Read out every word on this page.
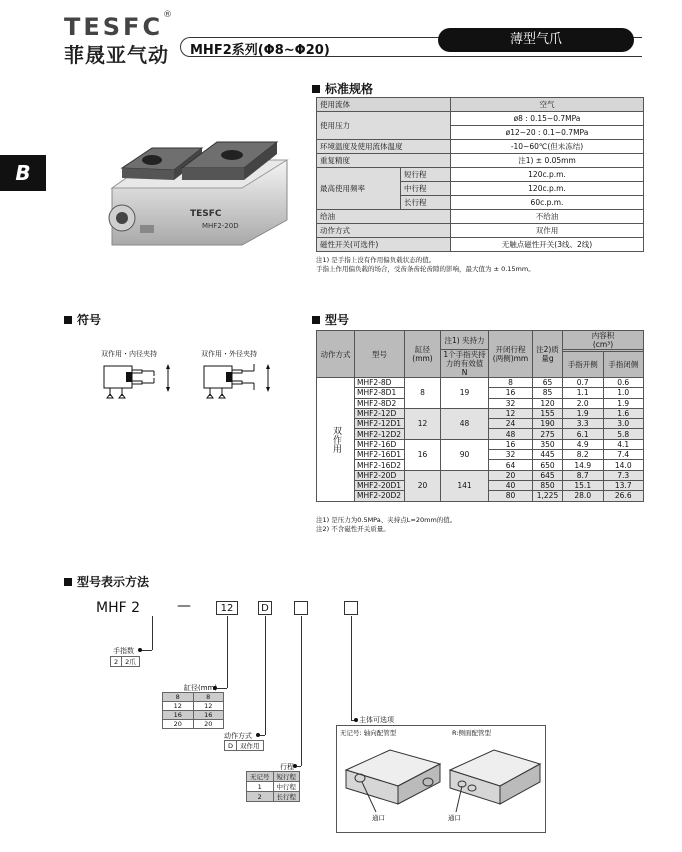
TESFC ®
菲晟亚气动 MHF2系列(Φ8~Φ20)
薄型气爪
B
TESFC
MHF2-20D
标准规格
使用流体		空气
使用压力		ø8 : 0.15~0.7MPa
		ø12~20 : 0.1~0.7MPa
环境温度及使用流体温度		-10~60℃(但未冻结)
重复精度		注1) ± 0.05mm
最高使用频率	短行程	120c.p.m.
	中行程	120c.p.m.
	长行程	60c.p.m.
给油		不给油
动作方式		双作用
磁性开关(可选件)		无触点磁性开关(3线、2线)
注1) 是手指上没有作用偏负载状态的值。
手指上作用偏负载的场合，受齿条齿轮齿隙的影响，最大值为 ± 0.15mm。
符号
双作用・内径夹持	双作用・外径夹持
型号
动作方式	型号	缸径(mm)	注1) 夹持力	开闭行程(两侧)mm	注2)质量g	内容积
(cm³)	
			1个手指夹持力的有效值 N				
						手指开侧	手指闭侧
双作用	MHF2-8D	8	19	8	65	0.7	0.6
	MHF2-8D1			16	85	1.1	1.0
	MHF2-8D2			32	120	2.0	1.9
	MHF2-12D	12	48	12	155	1.9	1.6
	MHF2-12D1			24	190	3.3	3.0
	MHF2-12D2			48	275	6.1	5.8
	MHF2-16D	16	90	16	350	4.9	4.1
	MHF2-16D1			32	445	8.2	7.4
	MHF2-16D2			64	650	14.9	14.0
	MHF2-20D	20	141	20	645	8.7	7.3
	MHF2-20D1			40	850	15.1	13.7
	MHF2-20D2			80	1,225	28.0	26.6
注1) 是压力为0.5MPa、夹持点L=20mm的值。
注2) 不含磁性开关质量。
型号表示方法
MHF 2	—	12	D
手指数
2	2爪
缸径(mm)
8	8
12	12
16	16
20	20
动作方式
D	双作用
行程
无记号	短行程
1	中行程
2	长行程
主体可选项
无记号: 轴向配管型	R:侧面配管型
通口	通口
